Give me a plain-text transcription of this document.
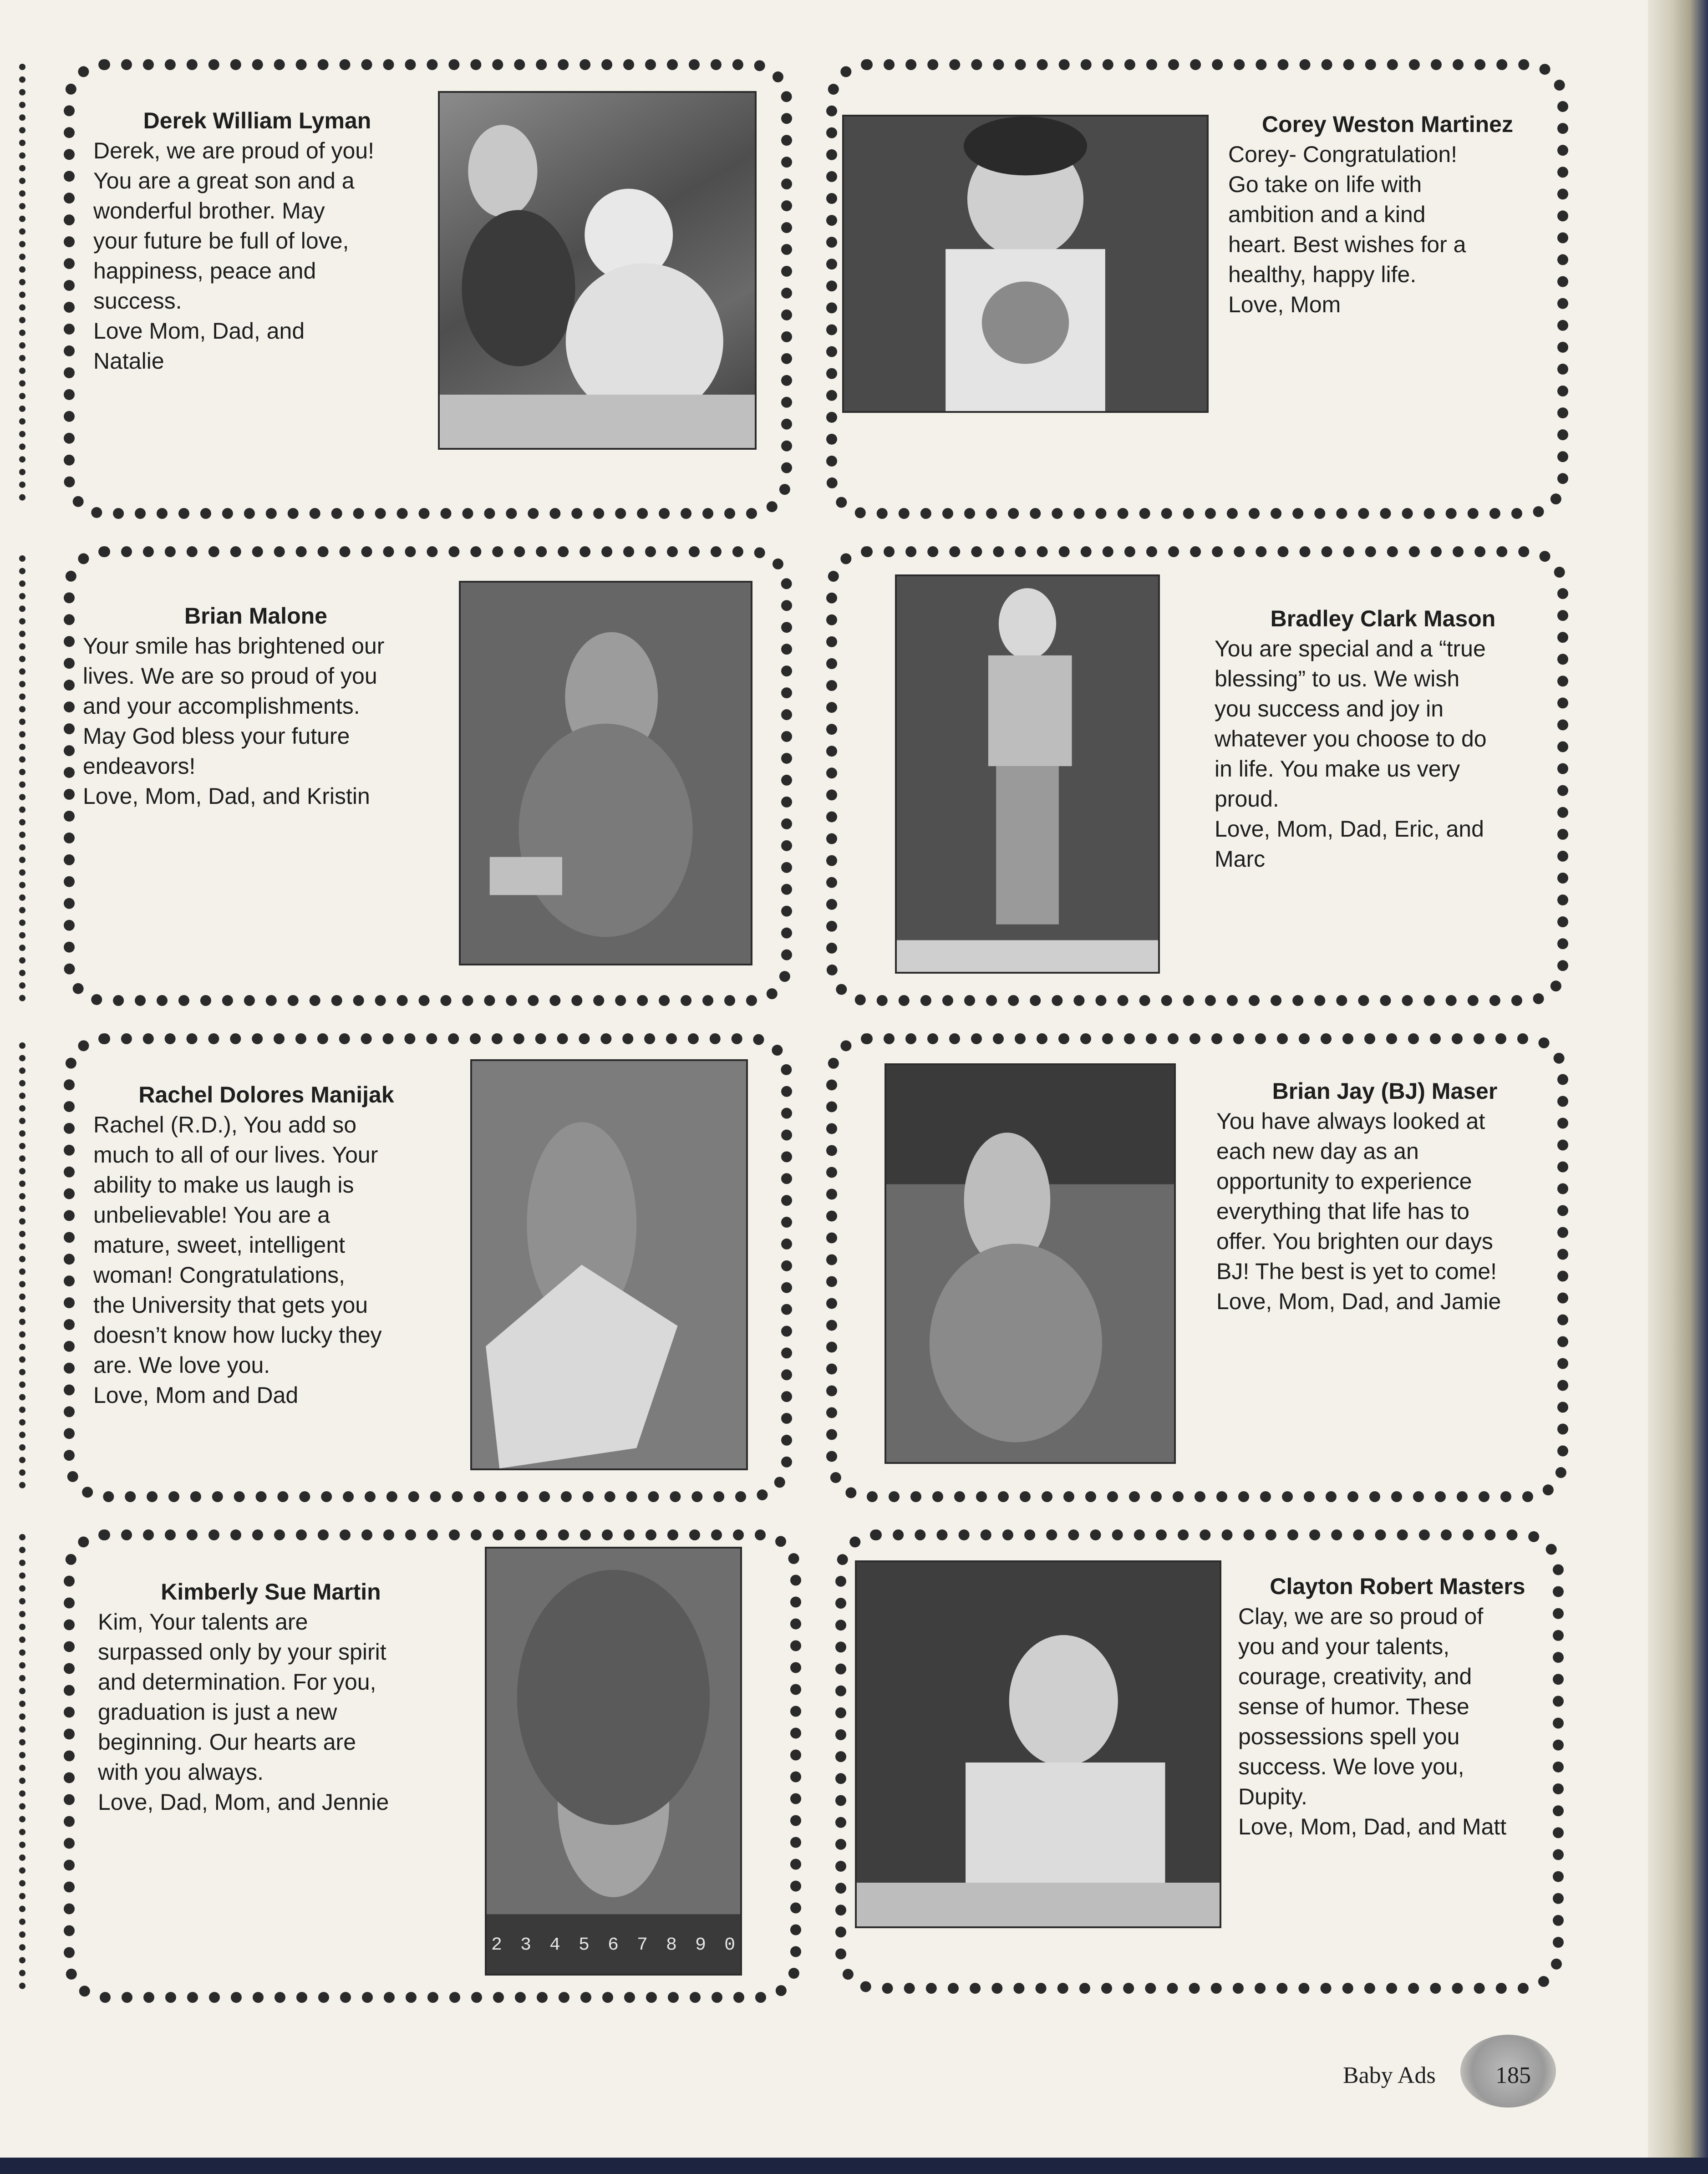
Derek William Lyman
Derek, we are proud of you!
You are a great son and a
wonderful brother. May
your future be full of love,
happiness, peace and
success.
Love Mom, Dad, and
Natalie
Corey Weston Martinez
Corey- Congratulation!
Go take on life with
ambition and a kind
heart. Best wishes for a
healthy, happy life.
Love, Mom
Brian Malone
Your smile has brightened our
lives. We are so proud of you
and your accomplishments.
May God bless your future
endeavors!
Love, Mom, Dad, and Kristin
Bradley Clark Mason
You are special and a “true
blessing” to us. We wish
you success and joy in
whatever you choose to do
in life. You make us very
proud.
Love, Mom, Dad, Eric, and
Marc
Rachel Dolores Manijak
Rachel (R.D.), You add so
much to all of our lives. Your
ability to make us laugh is
unbelievable! You are a
mature, sweet, intelligent
woman! Congratulations,
the University that gets you
doesn’t know how lucky they
are. We love you.
Love, Mom and Dad
Brian Jay (BJ) Maser
You have always looked at
each new day as an
opportunity to experience
everything that life has to
offer. You brighten our days
BJ! The best is yet to come!
Love, Mom, Dad, and Jamie
Kimberly Sue Martin
Kim, Your talents are
surpassed only by your spirit
and determination. For you,
graduation is just a new
beginning. Our hearts are
with you always.
Love, Dad, Mom, and Jennie
2 3 4 5 6 7 8 9 0
Clayton Robert Masters
Clay, we are so proud of
you and your talents,
courage, creativity, and
sense of humor. These
possessions spell you
success. We love you,
Dupity.
Love, Mom, Dad, and Matt
Baby Ads	185
